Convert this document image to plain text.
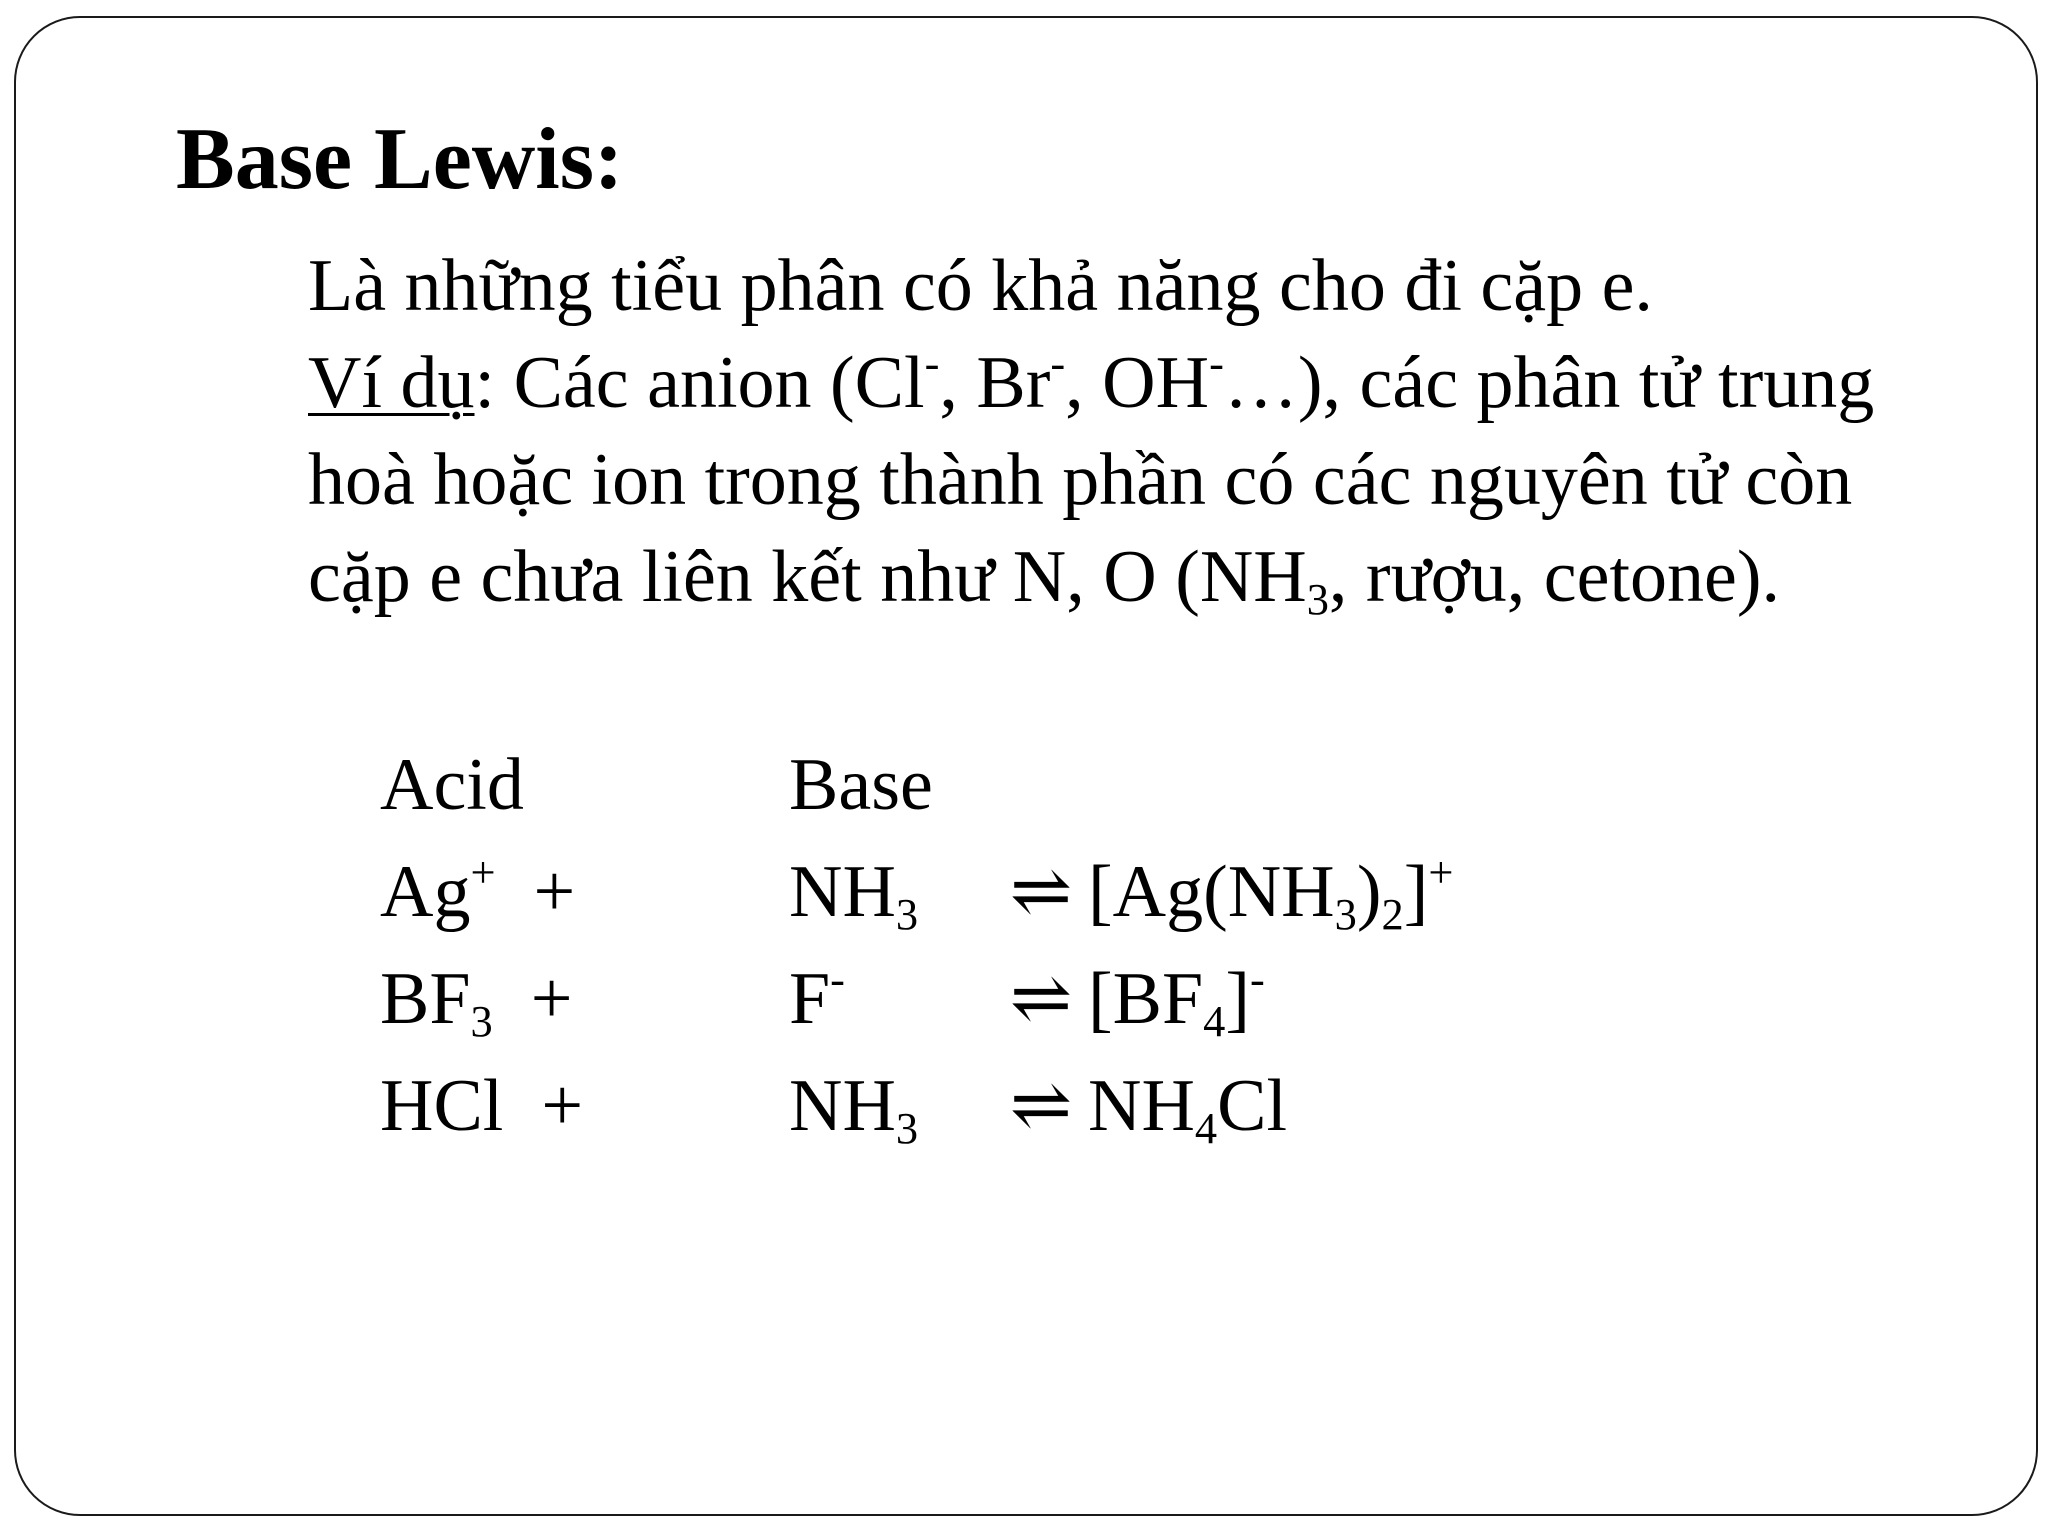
Base Lewis:

Là những tiểu phân có khả năng cho đi cặp e.

Ví dụ: Các anion (Cl-, Br-, OH-…), các phân tử trung hoà hoặc ion trong thành phần có các nguyên tử còn cặp e chưa liên kết như N, O ($NH_3$, rượu, cetone).

Acid	Base
Ag+ +	$NH_3$ ⇌ $[Ag(NH_3)_2]^+$
$BF_3$ +	F- ⇌ $[BF_4]^-$
HCl +	$NH_3$ ⇌ $NH_4Cl$
